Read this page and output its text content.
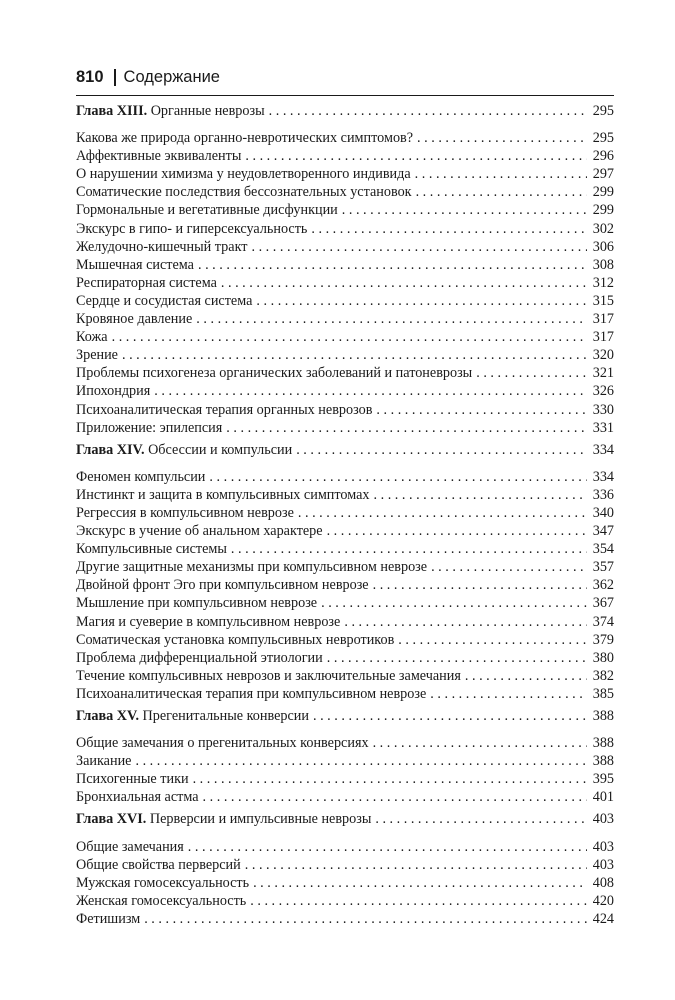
810 Содержание
Глава XIII. Органные неврозы . . .	295
Какова же природа органно-невротических симптомов? . . .	295
Аффективные эквиваленты . . .	296
О нарушении химизма у неудовлетворенного индивида . . .	297
Соматические последствия бессознательных установок . . .	299
Гормональные и вегетативные дисфункции . . .	299
Экскурс в гипо- и гиперсексуальность . . .	302
Желудочно-кишечный тракт . . .	306
Мышечная система . . .	308
Респираторная система . . .	312
Сердце и сосудистая система . . .	315
Кровяное давление . . .	317
Кожа . . .	317
Зрение . . .	320
Проблемы психогенеза органических заболеваний и патоневрозы . . .	321
Ипохондрия . . .	326
Психоаналитическая терапия органных неврозов . . .	330
Приложение: эпилепсия . . .	331
Глава XIV. Обсессии и компульсии . . .	334
Феномен компульсии . . .	334
Инстинкт и защита в компульсивных симптомах . . .	336
Регрессия в компульсивном неврозе . . .	340
Экскурс в учение об анальном характере . . .	347
Компульсивные системы . . .	354
Другие защитные механизмы при компульсивном неврозе . . .	357
Двойной фронт Эго при компульсивном неврозе . . .	362
Мышление при компульсивном неврозе . . .	367
Магия и суеверие в компульсивном неврозе . . .	374
Соматическая установка компульсивных невротиков . . .	379
Проблема дифференциальной этиологии . . .	380
Течение компульсивных неврозов и заключительные замечания . . .	382
Психоаналитическая терапия при компульсивном неврозе . . .	385
Глава XV. Прегенитальные конверсии . . .	388
Общие замечания о прегенитальных конверсиях . . .	388
Заикание . . .	388
Психогенные тики . . .	395
Бронхиальная астма . . .	401
Глава XVI. Перверсии и импульсивные неврозы . . .	403
Общие замечания . . .	403
Общие свойства перверсий . . .	403
Мужская гомосексуальность . . .	408
Женская гомосексуальность . . .	420
Фетишизм . . .	424
